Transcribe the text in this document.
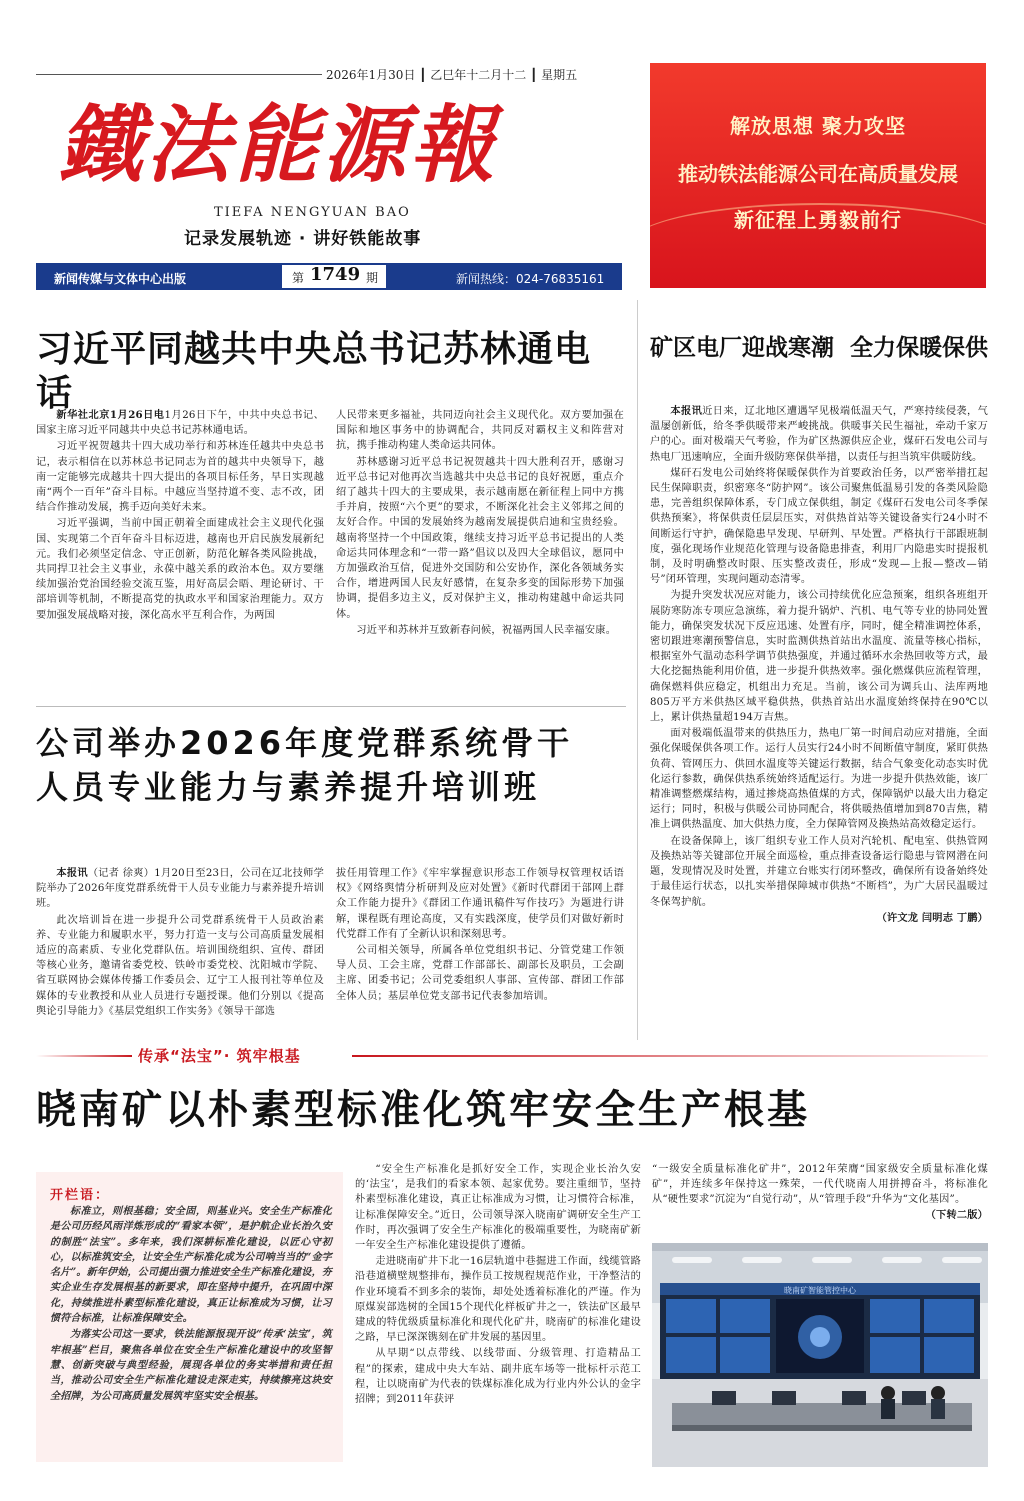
2026年1月30日 ┃ 乙巳年十二月十二 ┃ 星期五
鐵法能源報
TIEFA NENGYUAN BAO
记录发展轨迹 · 讲好铁能故事
新闻传媒与文体中心出版	第 1749 期	新闻热线：024-76835161
解放思想 聚力攻坚
推动铁法能源公司在高质量发展
新征程上勇毅前行
习近平同越共中央总书记苏林通电话

新华社北京1月26日电1月26日下午，中共中央总书记、国家主席习近平同越共中央总书记苏林通电话。

习近平祝贺越共十四大成功举行和苏林连任越共中央总书记，表示相信在以苏林总书记同志为首的越共中央领导下，越南一定能够完成越共十四大提出的各项目标任务，早日实现越南“两个一百年”奋斗目标。中越应当坚持道不变、志不改，团结合作推动发展，携手迈向美好未来。

习近平强调，当前中国正朝着全面建成社会主义现代化强国、实现第二个百年奋斗目标迈进，越南也开启民族发展新纪元。我们必须坚定信念、守正创新，防范化解各类风险挑战，共同捍卫社会主义事业，永葆中越关系的政治本色。双方要继续加强治党治国经验交流互鉴，用好高层会晤、理论研讨、干部培训等机制，不断提高党的执政水平和国家治理能力。双方要加强发展战略对接，深化高水平互利合作，为两国

人民带来更多福祉，共同迈向社会主义现代化。双方要加强在国际和地区事务中的协调配合，共同反对霸权主义和阵营对抗，携手推动构建人类命运共同体。

苏林感谢习近平总书记祝贺越共十四大胜利召开，感谢习近平总书记对他再次当选越共中央总书记的良好祝愿，重点介绍了越共十四大的主要成果，表示越南愿在新征程上同中方携手并肩，按照“六个更”的要求，不断深化社会主义邻邦之间的友好合作。中国的发展始终为越南发展提供启迪和宝贵经验。越南将坚持一个中国政策，继续支持习近平总书记提出的人类命运共同体理念和“一带一路”倡议以及四大全球倡议，愿同中方加强政治互信，促进外交国防和公安协作，深化各领域务实合作，增进两国人民友好感情，在复杂多变的国际形势下加强协调，提倡多边主义，反对保护主义，推动构建越中命运共同体。

习近平和苏林并互致新春问候，祝福两国人民幸福安康。

公司举办2026年度党群系统骨干
人员专业能力与素养提升培训班

本报讯（记者 徐爽）1月20日至23日，公司在辽北技师学院举办了2026年度党群系统骨干人员专业能力与素养提升培训班。

此次培训旨在进一步提升公司党群系统骨干人员政治素养、专业能力和履职水平，努力打造一支与公司高质量发展相适应的高素质、专业化党群队伍。培训围绕组织、宣传、群团等核心业务，邀请省委党校、铁岭市委党校、沈阳城市学院、省互联网协会媒体传播工作委员会、辽宁工人报刊社等单位及媒体的专业教授和从业人员进行专题授课。他们分别以《提高舆论引导能力》《基层党组织工作实务》《领导干部选

拔任用管理工作》《牢牢掌握意识形态工作领导权管理权话语权》《网络舆情分析研判及应对处置》《新时代群团干部网上群众工作能力提升》《群团工作通讯稿件写作技巧》为题进行讲解，课程既有理论高度，又有实践深度，使学员们对做好新时代党群工作有了全新认识和深刻思考。

公司相关领导，所属各单位党组织书记、分管党建工作领导人员、工会主席，党群工作部部长、副部长及职员，工会副主席、团委书记；公司党委组织人事部、宣传部、群团工作部全体人员；基层单位党支部书记代表参加培训。

矿区电厂迎战寒潮  全力保暖保供

本报讯近日来，辽北地区遭遇罕见极端低温天气，严寒持续侵袭，气温屡创新低，给冬季供暖带来严峻挑战。供暖事关民生福祉，牵动千家万户的心。面对极端天气考验，作为矿区热源供应企业，煤矸石发电公司与热电厂迅速响应，全面升级防寒保供举措，以责任与担当筑牢供暖防线。

煤矸石发电公司始终将保暖保供作为首要政治任务，以严密举措扛起民生保障职责，织密寒冬“防护网”。该公司聚焦低温易引发的各类风险隐患，完善组织保障体系，专门成立保供组，制定《煤矸石发电公司冬季保供热预案》，将保供责任层层压实，对供热首站等关键设备实行24小时不间断运行守护，确保隐患早发现、早研判、早处置。严格执行干部跟班制度，强化现场作业规范化管理与设备隐患排查，利用厂内隐患实时提报机制，及时明确整改时限、压实整改责任，形成“发现—上报—整改—销号”闭环管理，实现问题动态清零。

为提升突发状况应对能力，该公司持续优化应急预案，组织各班组开展防寒防冻专项应急演练，着力提升锅炉、汽机、电气等专业的协同处置能力，确保突发状况下反应迅速、处置有序，同时，健全精准调控体系，密切跟进寒潮预警信息，实时监测供热首站出水温度、流量等核心指标，根据室外气温动态科学调节供热强度，并通过循环水余热回收等方式，最大化挖掘热能利用价值，进一步提升供热效率。强化燃煤供应流程管理，确保燃料供应稳定，机组出力充足。当前，该公司为调兵山、法库两地805万平方米供热区域平稳供热，供热首站出水温度始终保持在90℃以上，累计供热量超194万吉焦。

面对极端低温带来的供热压力，热电厂第一时间启动应对措施，全面强化保暖保供各项工作。运行人员实行24小时不间断值守制度，紧盯供热负荷、管网压力、供回水温度等关键运行数据，结合气象变化动态实时优化运行参数，确保供热系统始终适配运行。为进一步提升供热效能，该厂精准调整燃煤结构，通过掺烧高热值煤的方式，保障锅炉以最大出力稳定运行；同时，积极与供暖公司协同配合，将供暖热值增加到870吉焦，精准上调供热温度、加大供热力度，全力保障管网及换热站高效稳定运行。

在设备保障上，该厂组织专业工作人员对汽轮机、配电室、供热管网及换热站等关键部位开展全面巡检，重点排查设备运行隐患与管网潜在问题，发现情况及时处置，并建立台账实行闭环整改，确保所有设备始终处于最佳运行状态，以扎实举措保障城市供热“不断档”，为广大居民温暖过冬保驾护航。

（许文龙 闫明志 丁鹏）

传承“法宝”· 筑牢根基
晓南矿以朴素型标准化筑牢安全生产根基
开栏语：

标准立，则根基稳；安全固，则基业兴。安全生产标准化是公司历经风雨洋炼形成的“看家本领”，是护航企业长治久安的制胜“法宝”。多年来，我们深耕标准化建设，以匠心守初心，以标准筑安全，让安全生产标准化成为公司响当当的“金字名片”。新年伊始，公司提出强力推进安全生产标准化建设，夯实企业生存发展根基的新要求，即在坚持中提升，在巩固中深化，持续推进朴素型标准化建设，真正让标准成为习惯，让习惯符合标准，让标准保障安全。

为落实公司这一要求，铁法能源报现开设“传承‘法宝’，筑牢根基”栏目，聚焦各单位在安全生产标准化建设中的攻坚智慧、创新突破与典型经验，展现各单位的务实举措和责任担当，推动公司安全生产标准化建设走深走实，持续擦亮这块安全招牌，为公司高质量发展筑牢坚实安全根基。

“安全生产标准化是抓好安全工作，实现企业长治久安的‘法宝’，是我们的看家本领、起家优势。要注重细节，坚持朴素型标准化建设，真正让标准成为习惯，让习惯符合标准，让标准保障安全。”近日，公司领导深入晓南矿调研安全生产工作时，再次强调了安全生产标准化的极端重要性，为晓南矿新一年安全生产标准化建设提供了遵循。

走进晓南矿井下北一16层轨道中巷掘进工作面，线缆管路沿巷道横壁规整排布，操作员工按规程规范作业，干净整洁的作业环境看不到多余的装饰，却处处透着标准化的严谨。作为原煤炭部选树的全国15个现代化样板矿井之一，铁法矿区最早建成的特优级质量标准化和现代化矿井，晓南矿的标准化建设之路，早已深深镌刻在矿井发展的基因里。

从早期“以点带线、以线带面、分级管理、打造精品工程”的探索，建成中央大车站、副井底车场等一批标杆示范工程，让以晓南矿为代表的铁煤标准化成为行业内外公认的金字招牌；到2011年获评

“一级安全质量标准化矿井”，2012年荣膺“国家级安全质量标准化煤矿”，并连续多年保持这一殊荣，一代代晓南人用拼搏奋斗，将标准化从“硬性要求”沉淀为“自觉行动”，从“管理手段”升华为“文化基因”。
（下转二版）

晓南矿智能管控中心
